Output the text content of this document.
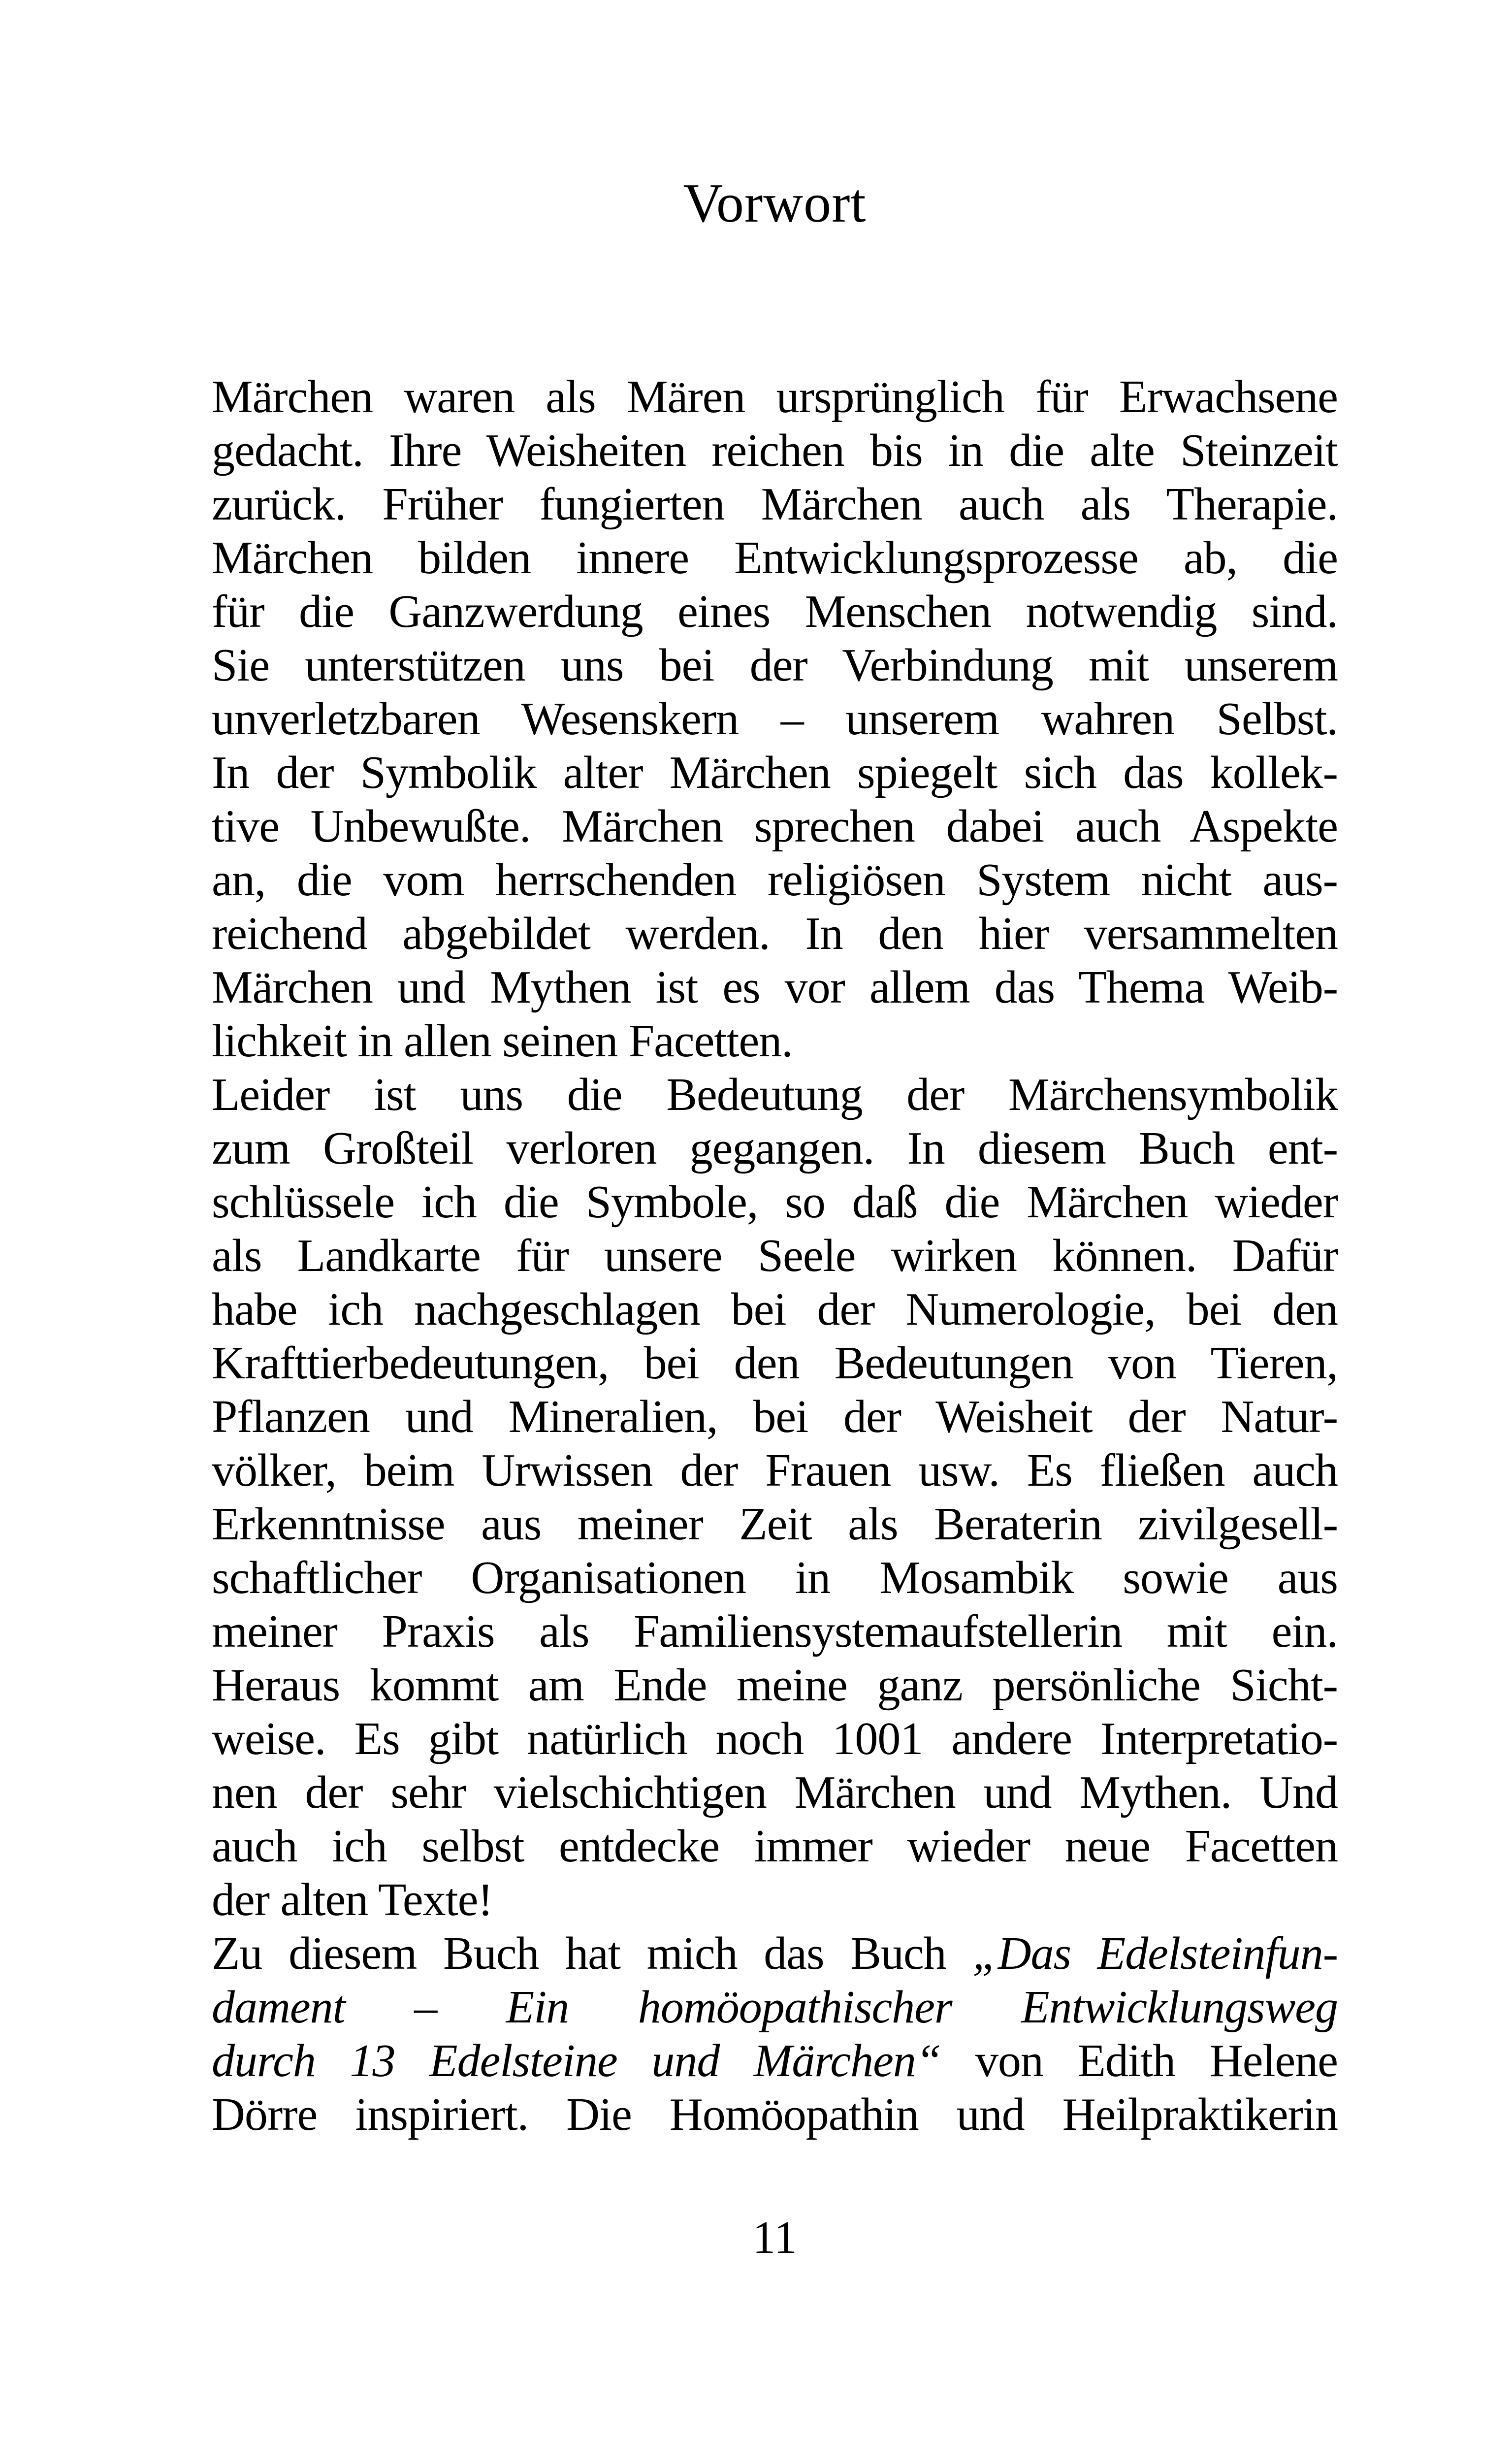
Vorwort
Märchen waren als Mären ursprünglich für Erwachsene
gedacht. Ihre Weisheiten reichen bis in die alte Steinzeit
zurück. Früher fungierten Märchen auch als Therapie.
Märchen bilden innere Entwicklungsprozesse ab, die
für die Ganzwerdung eines Menschen notwendig sind.
Sie unterstützen uns bei der Verbindung mit unserem
unverletzbaren Wesenskern – unserem wahren Selbst.
In der Symbolik alter Märchen spiegelt sich das kollek-
tive Unbewußte. Märchen sprechen dabei auch Aspekte
an, die vom herrschenden religiösen System nicht aus-
reichend abgebildet werden. In den hier versammelten
Märchen und Mythen ist es vor allem das Thema Weib-
lichkeit in allen seinen Facetten.
Leider ist uns die Bedeutung der Märchensymbolik
zum Großteil verloren gegangen. In diesem Buch ent-
schlüssele ich die Symbole, so daß die Märchen wieder
als Landkarte für unsere Seele wirken können. Dafür
habe ich nachgeschlagen bei der Numerologie, bei den
Krafttierbedeutungen, bei den Bedeutungen von Tieren,
Pflanzen und Mineralien, bei der Weisheit der Natur-
völker, beim Urwissen der Frauen usw. Es fließen auch
Erkenntnisse aus meiner Zeit als Beraterin zivilgesell-
schaftlicher Organisationen in Mosambik sowie aus
meiner Praxis als Familiensystemaufstellerin mit ein.
Heraus kommt am Ende meine ganz persönliche Sicht-
weise. Es gibt natürlich noch 1001 andere Interpretatio-
nen der sehr vielschichtigen Märchen und Mythen. Und
auch ich selbst entdecke immer wieder neue Facetten
der alten Texte!
Zu diesem Buch hat mich das Buch „Das Edelsteinfun-
dament – Ein homöopathischer Entwicklungsweg
durch 13 Edelsteine und Märchen“ von Edith Helene
Dörre inspiriert. Die Homöopathin und Heilpraktikerin
11
